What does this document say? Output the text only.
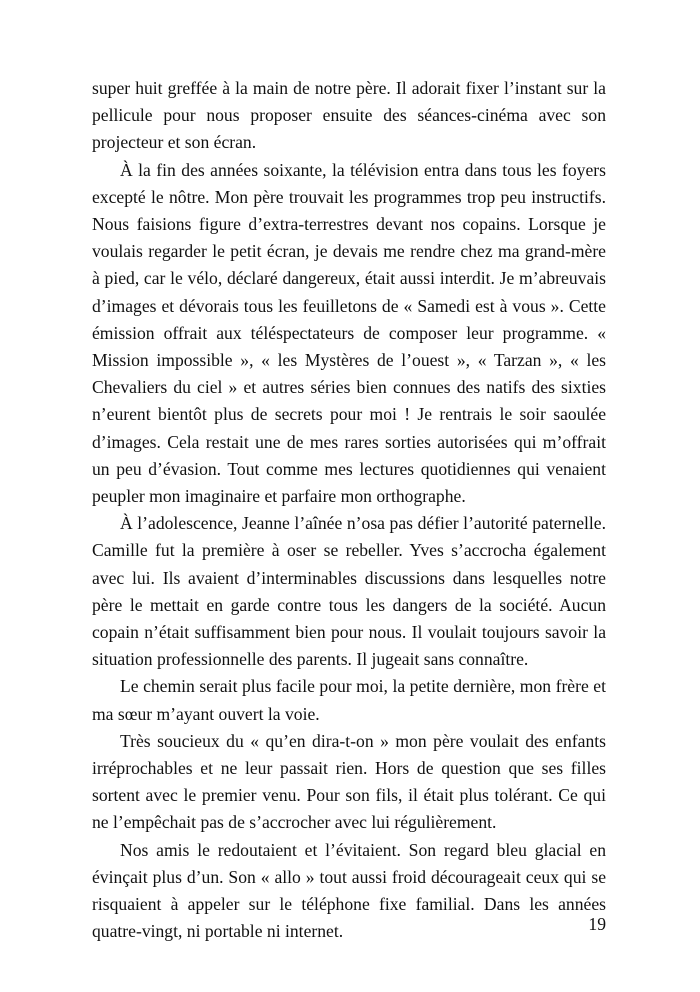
super huit greffée à la main de notre père. Il adorait fixer l’instant sur la pellicule pour nous proposer ensuite des séances-cinéma avec son projecteur et son écran.

À la fin des années soixante, la télévision entra dans tous les foyers excepté le nôtre. Mon père trouvait les programmes trop peu instructifs. Nous faisions figure d’extra-terrestres devant nos copains. Lorsque je voulais regarder le petit écran, je devais me rendre chez ma grand-mère à pied, car le vélo, déclaré dangereux, était aussi interdit. Je m’abreuvais d’images et dévorais tous les feuilletons de « Samedi est à vous ». Cette émission offrait aux téléspectateurs de composer leur programme. « Mission impossible », « les Mystères de l’ouest », « Tarzan », « les Chevaliers du ciel » et autres séries bien connues des natifs des sixties n’eurent bientôt plus de secrets pour moi ! Je rentrais le soir saoulée d’images. Cela restait une de mes rares sorties autorisées qui m’offrait un peu d’évasion. Tout comme mes lectures quotidiennes qui venaient peupler mon imaginaire et parfaire mon orthographe.

À l’adolescence, Jeanne l’aînée n’osa pas défier l’autorité paternelle. Camille fut la première à oser se rebeller. Yves s’accrocha également avec lui. Ils avaient d’interminables discussions dans lesquelles notre père le mettait en garde contre tous les dangers de la société. Aucun copain n’était suffisamment bien pour nous. Il voulait toujours savoir la situation professionnelle des parents. Il jugeait sans connaître.

Le chemin serait plus facile pour moi, la petite dernière, mon frère et ma sœur m’ayant ouvert la voie.

Très soucieux du « qu’en dira-t-on » mon père voulait des enfants irréprochables et ne leur passait rien. Hors de question que ses filles sortent avec le premier venu. Pour son fils, il était plus tolérant. Ce qui ne l’empêchait pas de s’accrocher avec lui régulièrement.

Nos amis le redoutaient et l’évitaient. Son regard bleu glacial en évinçait plus d’un. Son « allo » tout aussi froid décourageait ceux qui se risquaient à appeler sur le téléphone fixe familial. Dans les années quatre-vingt, ni portable ni internet.	19
